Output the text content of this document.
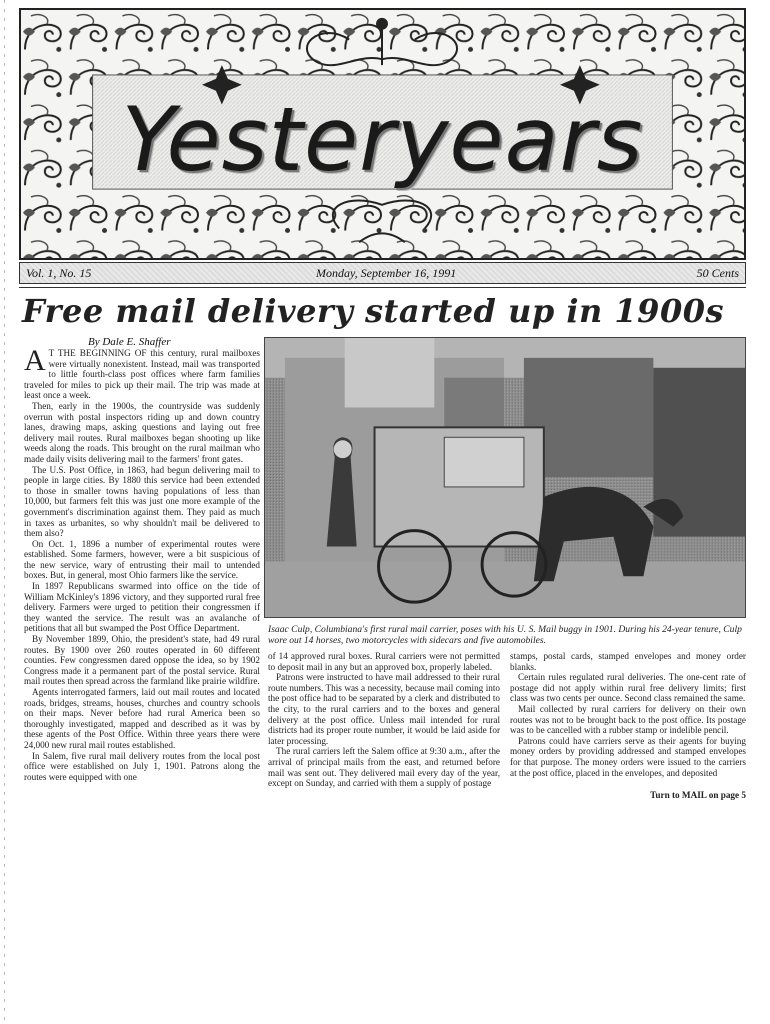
Yesteryears
Vol. 1, No. 15	Monday, September 16, 1991	50 Cents
Free mail delivery started up in 1900s
By Dale E. Shaffer

A T THE BEGINNING OF this century, rural mailboxes were virtually nonexistent. Instead, mail was transported to little fourth-class post offices where farm families traveled for miles to pick up their mail. The trip was made at least once a week.

Then, early in the 1900s, the countryside was suddenly overrun with postal inspectors riding up and down country lanes, drawing maps, asking questions and laying out free delivery mail routes. Rural mailboxes began shooting up like weeds along the roads. This brought on the rural mailman who made daily visits delivering mail to the farmers' front gates.

The U.S. Post Office, in 1863, had begun delivering mail to people in large cities. By 1880 this service had been extended to those in smaller towns having populations of less than 10,000, but farmers felt this was just one more example of the government's discrimination against them. They paid as much in taxes as urbanites, so why shouldn't mail be delivered to them also?

On Oct. 1, 1896 a number of experimental routes were established. Some farmers, however, were a bit suspicious of the new service, wary of entrusting their mail to untended boxes. But, in general, most Ohio farmers like the service.

In 1897 Republicans swarmed into office on the tide of William McKinley's 1896 victory, and they supported rural free delivery. Farmers were urged to petition their congressmen if they wanted the service. The result was an avalanche of petitions that all but swamped the Post Office Department.

By November 1899, Ohio, the president's state, had 49 rural routes. By 1900 over 260 routes operated in 60 different counties. Few congressmen dared oppose the idea, so by 1902 Congress made it a permanent part of the postal service. Rural mail routes then spread across the farmland like prairie wildfire.

Agents interrogated farmers, laid out mail routes and located roads, bridges, streams, houses, churches and country schools on their maps. Never before had rural America been so thoroughly investigated, mapped and described as it was by these agents of the Post Office. Within three years there were 24,000 new rural mail routes established.

In Salem, five rural mail delivery routes from the local post office were established on July 1, 1901. Patrons along the routes were equipped with one

Isaac Culp, Columbiana's first rural mail carrier, poses with his U. S. Mail buggy in 1901. During his 24-year tenure, Culp wore out 14 horses, two motorcycles with sidecars and five automobiles.

of 14 approved rural boxes. Rural carriers were not permitted to deposit mail in any but an approved box, properly labeled.

Patrons were instructed to have mail addressed to their rural route numbers. This was a necessity, because mail coming into the post office had to be separated by a clerk and distributed to the city, to the rural carriers and to the boxes and general delivery at the post office. Unless mail intended for rural districts had its proper route number, it would be laid aside for later processing.

The rural carriers left the Salem office at 9:30 a.m., after the arrival of principal mails from the east, and returned before mail was sent out. They delivered mail every day of the year, except on Sunday, and carried with them a supply of postage

stamps, postal cards, stamped envelopes and money order blanks.

Certain rules regulated rural deliveries. The one-cent rate of postage did not apply within rural free delivery limits; first class was two cents per ounce. Second class remained the same.

Mail collected by rural carriers for delivery on their own routes was not to be brought back to the post office. Its postage was to be cancelled with a rubber stamp or indelible pencil.

Patrons could have carriers serve as their agents for buying money orders by providing addressed and stamped envelopes for that purpose. The money orders were issued to the carriers at the post office, placed in the envelopes, and deposited

Turn to MAIL on page 5
